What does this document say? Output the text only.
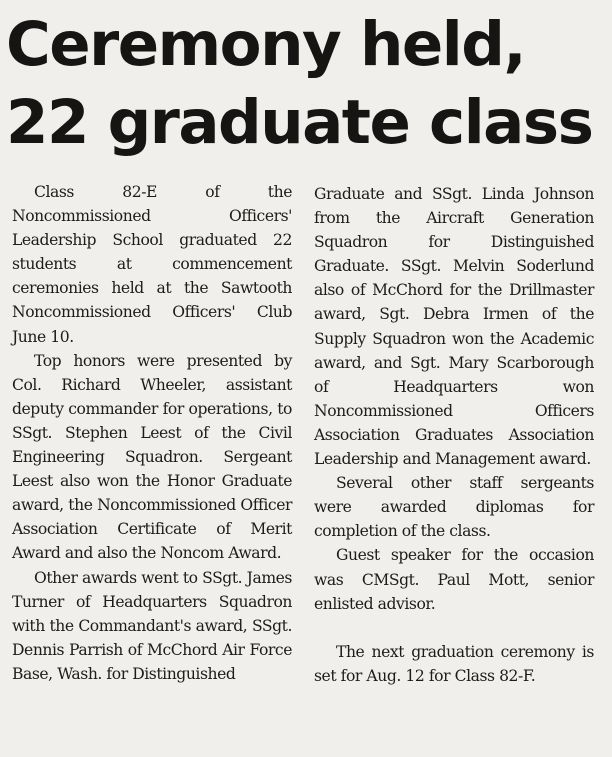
Ceremony held,
22 graduate class

Class 82-E of the Noncommissioned Officers' Leadership School graduated 22 students at commencement ceremonies held at the Sawtooth Noncommissioned Officers' Club June 10.

Top honors were presented by Col. Richard Wheeler, assistant deputy commander for operations, to SSgt. Stephen Leest of the Civil Engineering Squadron. Sergeant Leest also won the Honor Graduate award, the Noncommissioned Officer Association Certificate of Merit Award and also the Noncom Award.

Other awards went to SSgt. James Turner of Headquarters Squadron with the Commandant's award, SSgt. Dennis Parrish of McChord Air Force Base, Wash. for Distinguished

Graduate and SSgt. Linda Johnson from the Aircraft Generation Squadron for Distinguished Graduate. SSgt. Melvin Soderlund also of McChord for the Drillmaster award, Sgt. Debra Irmen of the Supply Squadron won the Academic award, and Sgt. Mary Scarborough of Headquarters won Noncommissioned Officers Association Graduates Association Leadership and Management award.

Several other staff sergeants were awarded diplomas for completion of the class.

Guest speaker for the occasion was CMSgt. Paul Mott, senior enlisted advisor.

The next graduation ceremony is set for Aug. 12 for Class 82-F.
